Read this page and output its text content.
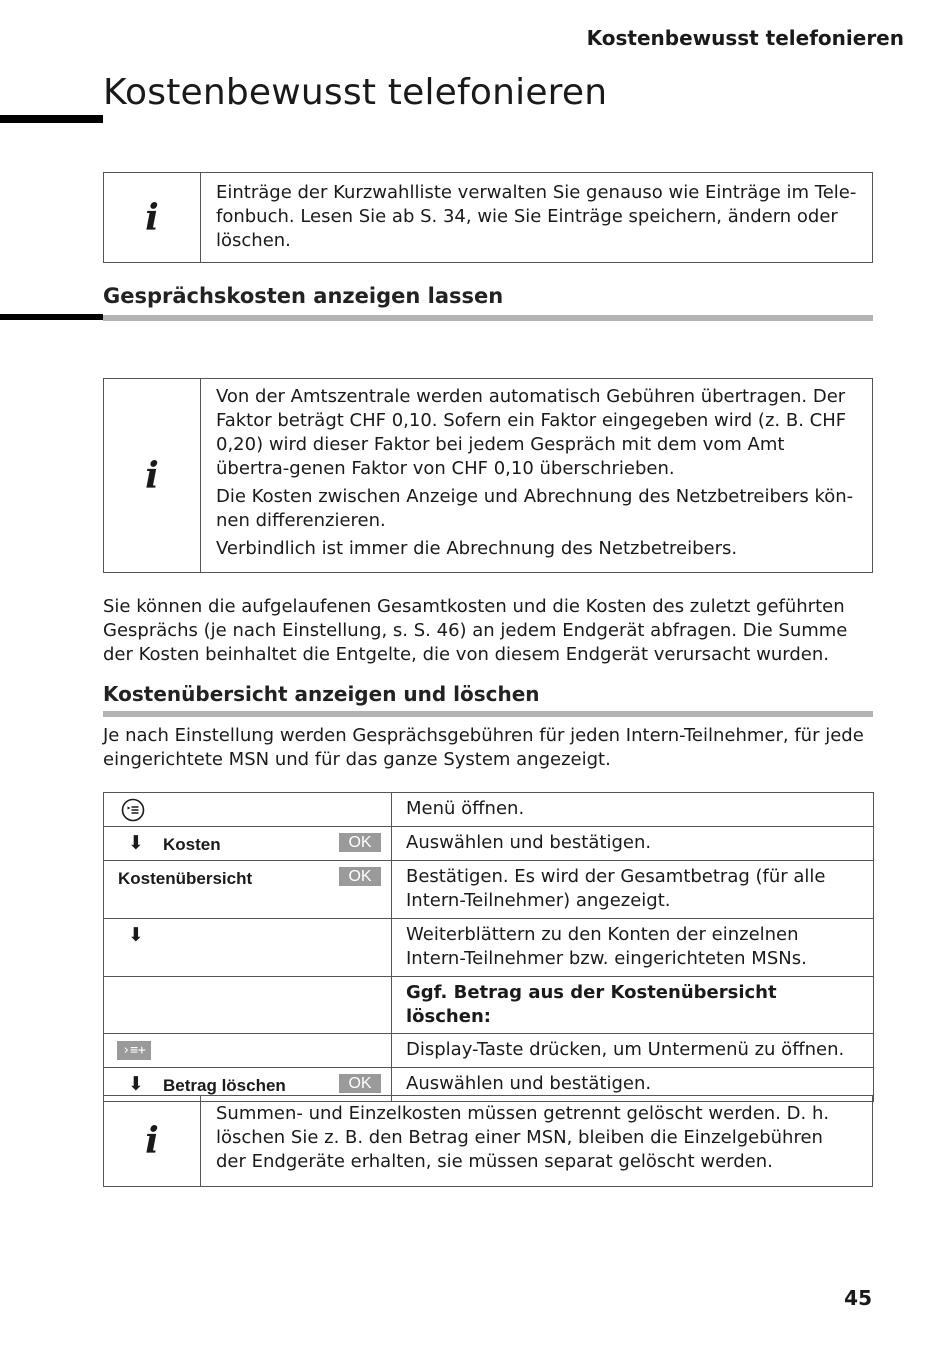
Kostenbewusst telefonieren
Kostenbewusst telefonieren
i

Einträge der Kurzwahlliste verwalten Sie genauso wie Einträge im Tele-fonbuch. Lesen Sie ab S. 34, wie Sie Einträge speichern, ändern oder löschen.

Gesprächskosten anzeigen lassen
i

Von der Amtszentrale werden automatisch Gebühren übertragen. Der Faktor beträgt CHF 0,10. Sofern ein Faktor eingegeben wird (z. B. CHF 0,20) wird dieser Faktor bei jedem Gespräch mit dem vom Amt übertra-genen Faktor von CHF 0,10 überschrieben.

Die Kosten zwischen Anzeige und Abrechnung des Netzbetreibers kön-nen differenzieren.

Verbindlich ist immer die Abrechnung des Netzbetreibers.

Sie können die aufgelaufenen Gesamtkosten und die Kosten des zuletzt geführten Gesprächs (je nach Einstellung, s. S. 46) an jedem Endgerät abfragen. Die Summe der Kosten beinhaltet die Entgelte, die von diesem Endgerät verursacht wurden.

Kostenübersicht anzeigen und löschen

Je nach Einstellung werden Gesprächsgebühren für jeden Intern-Teilnehmer, für jede eingerichtete MSN und für das ganze System angezeigt.

	Menü öffnen.

⬇ Kosten OK	Auswählen und bestätigen.

Kostenübersicht OK	Bestätigen. Es wird der Gesamtbetrag (für alle Intern-Teilnehmer) angezeigt.

⬇	Weiterblättern zu den Konten der einzelnen Intern-Teilnehmer bzw. eingerichteten MSNs.
	Ggf. Betrag aus der Kostenübersicht löschen:

›≡+	Display-Taste drücken, um Untermenü zu öffnen.

⬇ Betrag löschen OK	Auswählen und bestätigen.
i

Summen- und Einzelkosten müssen getrennt gelöscht werden. D. h. löschen Sie z. B. den Betrag einer MSN, bleiben die Einzelgebühren der Endgeräte erhalten, sie müssen separat gelöscht werden.

45
